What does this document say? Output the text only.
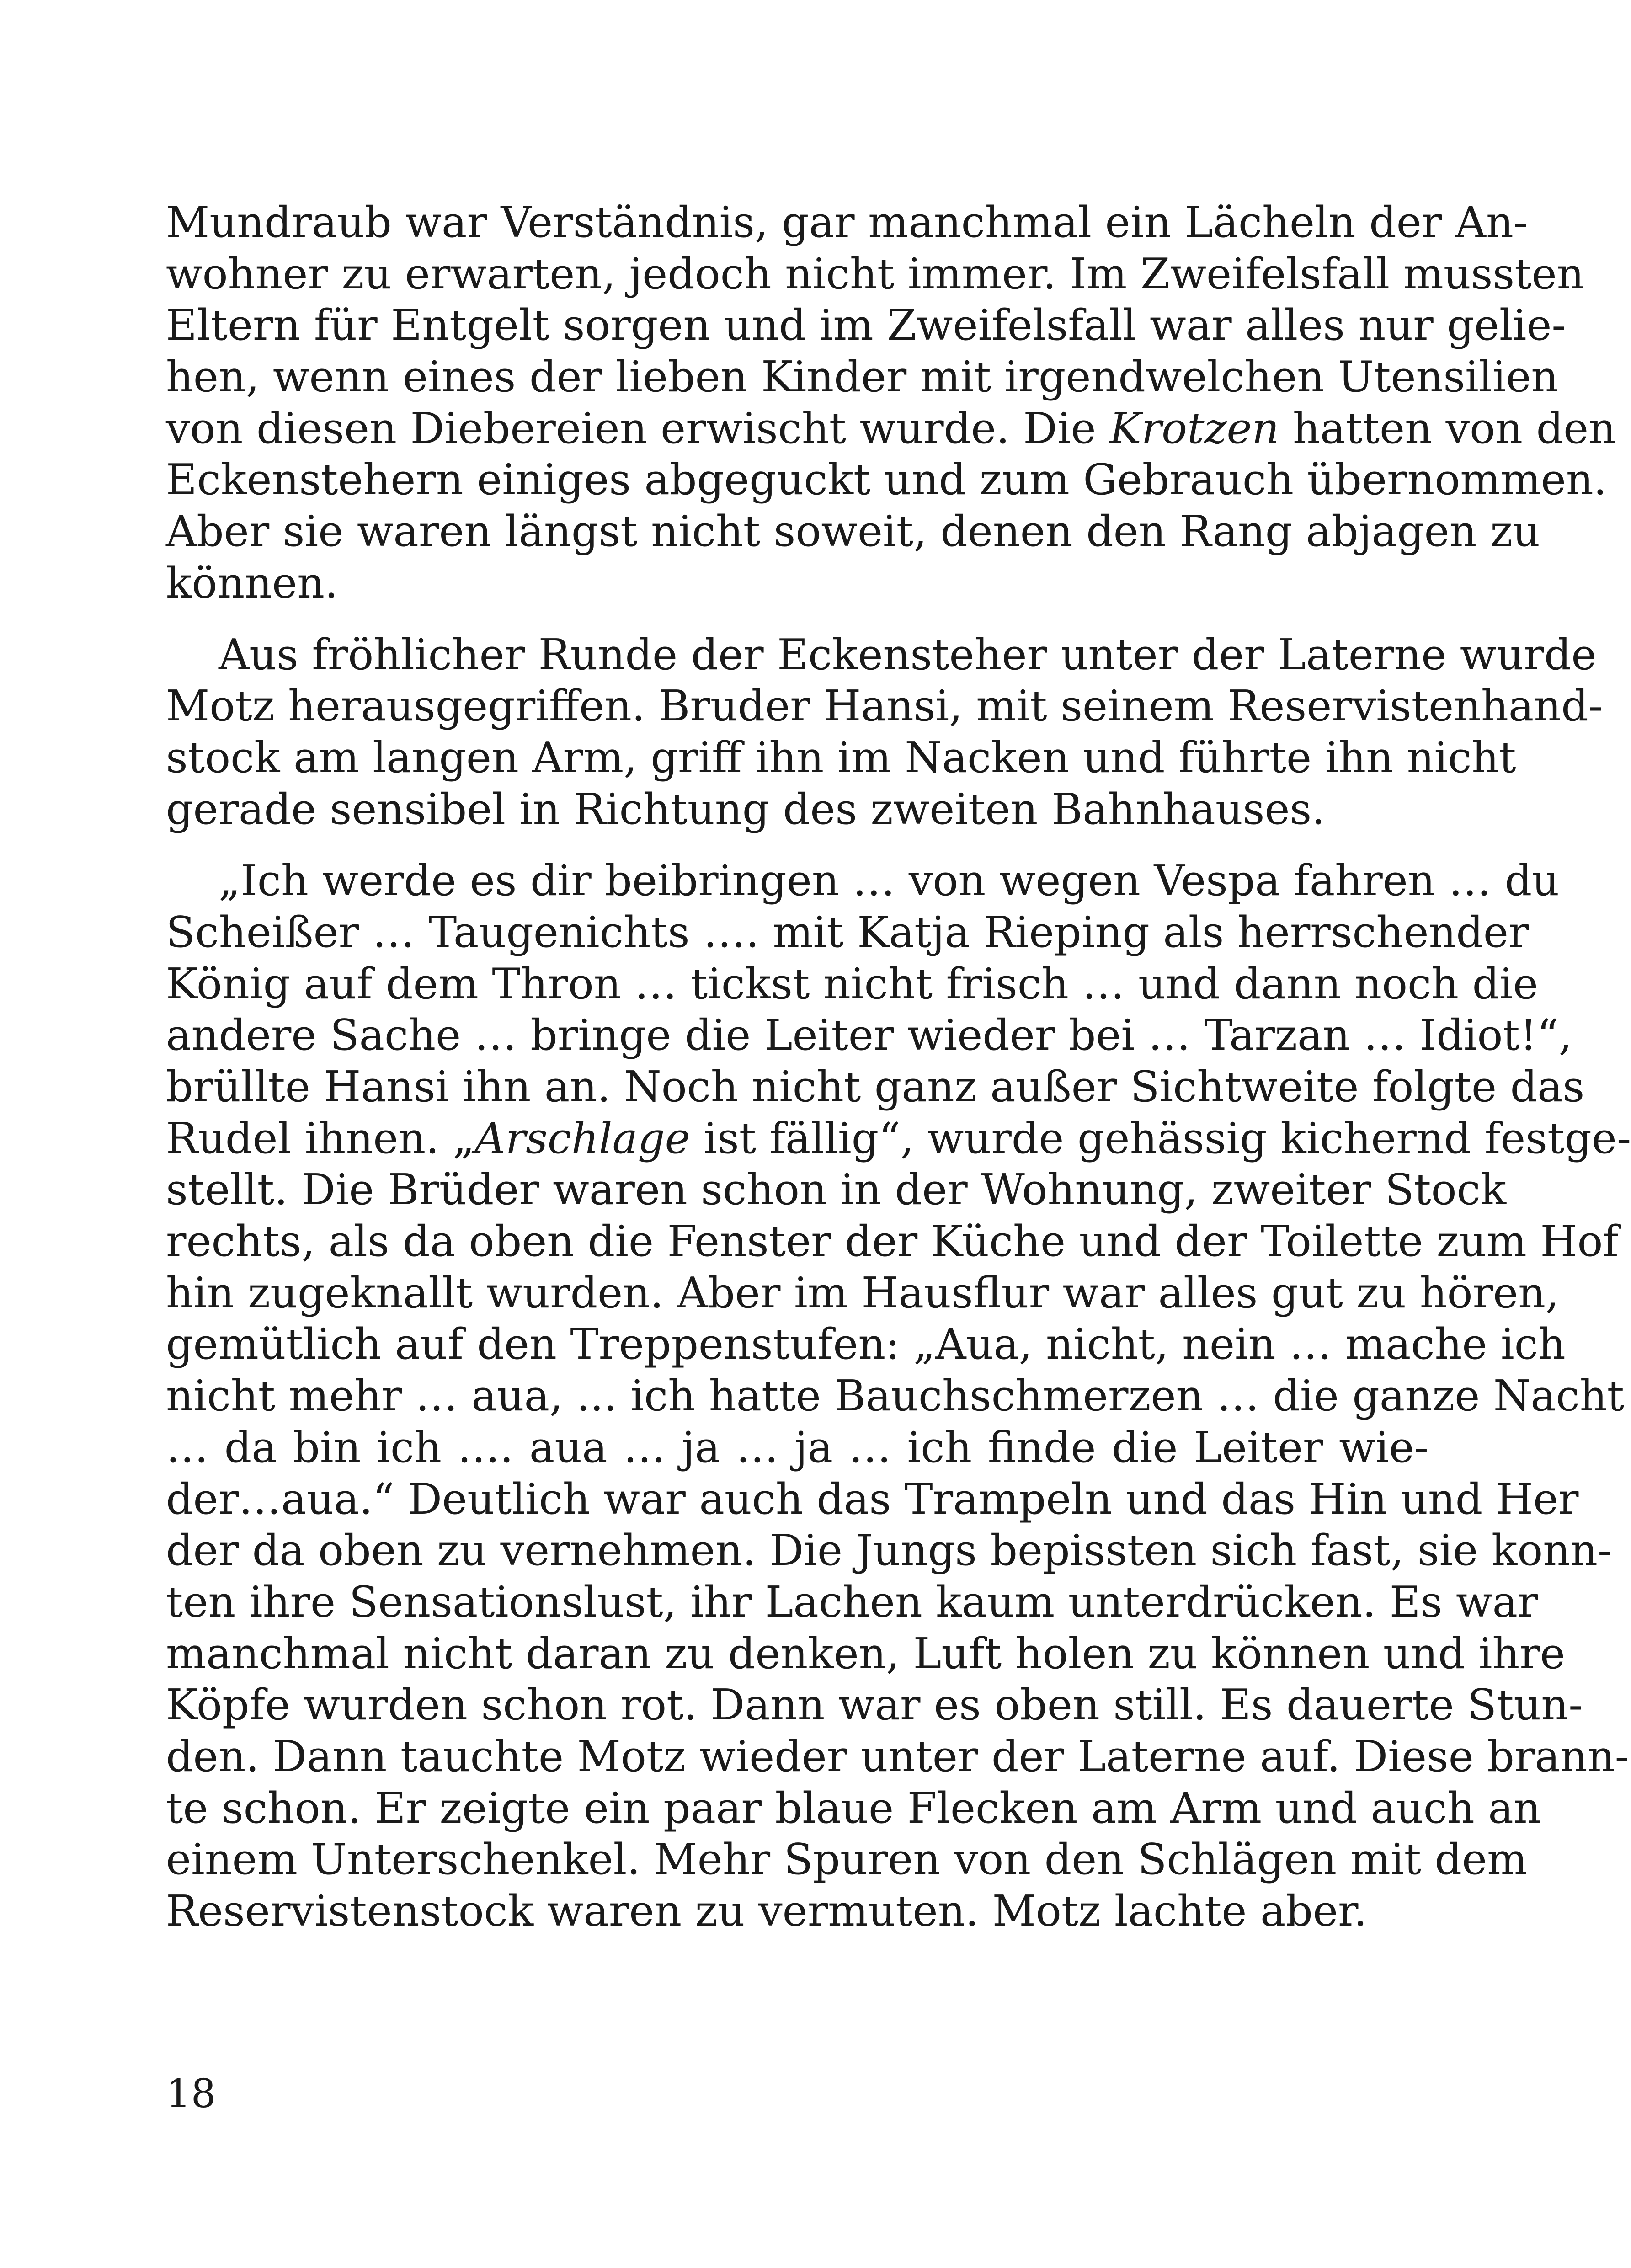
Mundraub war Verständnis, gar manchmal ein Lächeln der An-
wohner zu erwarten, jedoch nicht immer. Im Zweifelsfall mussten
Eltern für Entgelt sorgen und im Zweifelsfall war alles nur gelie-
hen, wenn eines der lieben Kinder mit irgendwelchen Utensilien
von diesen Diebereien erwischt wurde. Die Krotzen hatten von den
Eckenstehern einiges abgeguckt und zum Gebrauch übernommen.
Aber sie waren längst nicht soweit, denen den Rang abjagen zu
können.
Aus fröhlicher Runde der Eckensteher unter der Laterne wurde
Motz herausgegriffen. Bruder Hansi, mit seinem Reservistenhand-
stock am langen Arm, griff ihn im Nacken und führte ihn nicht
gerade sensibel in Richtung des zweiten Bahnhauses.
„Ich werde es dir beibringen … von wegen Vespa fahren … du
Scheißer … Taugenichts …. mit Katja Rieping als herrschender
König auf dem Thron … tickst nicht frisch … und dann noch die
andere Sache … bringe die Leiter wieder bei … Tarzan … Idiot!“,
brüllte Hansi ihn an. Noch nicht ganz außer Sichtweite folgte das
Rudel ihnen. „Arschlage ist fällig“, wurde gehässig kichernd festge-
stellt. Die Brüder waren schon in der Wohnung, zweiter Stock
rechts, als da oben die Fenster der Küche und der Toilette zum Hof
hin zugeknallt wurden. Aber im Hausflur war alles gut zu hören,
gemütlich auf den Treppenstufen: „Aua, nicht, nein … mache ich
nicht mehr … aua, ... ich hatte Bauchschmerzen … die ganze Nacht
… da bin ich …. aua … ja … ja … ich finde die Leiter wie-
der…aua.“ Deutlich war auch das Trampeln und das Hin und Her
der da oben zu vernehmen. Die Jungs bepissten sich fast, sie konn-
ten ihre Sensationslust, ihr Lachen kaum unterdrücken. Es war
manchmal nicht daran zu denken, Luft holen zu können und ihre
Köpfe wurden schon rot. Dann war es oben still. Es dauerte Stun-
den. Dann tauchte Motz wieder unter der Laterne auf. Diese brann-
te schon. Er zeigte ein paar blaue Flecken am Arm und auch an
einem Unterschenkel. Mehr Spuren von den Schlägen mit dem
Reservistenstock waren zu vermuten. Motz lachte aber.
18
